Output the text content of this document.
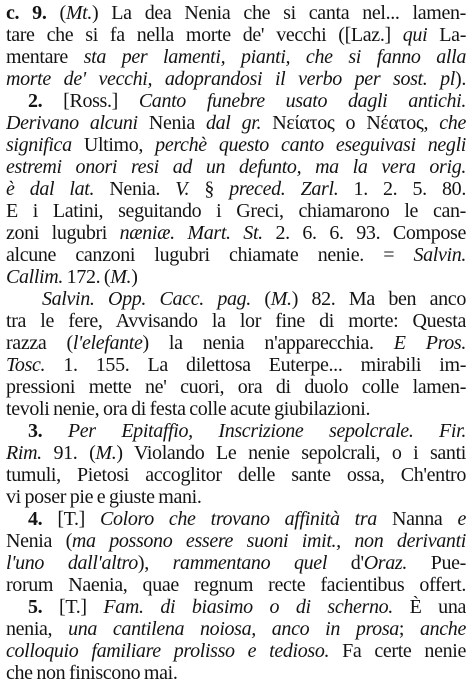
c. 9. (Mt.) La dea Nenia che si canta nel... lamen-
tare che si fa nella morte de' vecchi ([Laz.] qui La-
mentare sta per lamenti, pianti, che si fanno alla
morte de' vecchi, adoprandosi il verbo per sost. pl).
2. [Ross.] Canto funebre usato dagli antichi.
Derivano alcuni Nenia dal gr. Νείατος o Νέατος, che
significa Ultimo, perchè questo canto eseguivasi negli
estremi onori resi ad un defunto, ma la vera orig.
è dal lat. Nenia. V. § preced. Zarl. 1. 2. 5. 80.
E i Latini, seguitando i Greci, chiamarono le can-
zoni lugubri næniæ. Mart. St. 2. 6. 6. 93. Compose
alcune canzoni lugubri chiamate nenie. = Salvin.
Callim. 172. (M.)
Salvin. Opp. Cacc. pag. (M.) 82. Ma ben anco
tra le fere, Avvisando la lor fine di morte: Questa
razza (l'elefante) la nenia n'apparecchia. E Pros.
Tosc. 1. 155. La dilettosa Euterpe... mirabili im-
pressioni mette ne' cuori, ora di duolo colle lamen-
tevoli nenie, ora di festa colle acute giubilazioni.
3. Per Epitaffio, Inscrizione sepolcrale. Fir.
Rim. 91. (M.) Violando Le nenie sepolcrali, o i santi
tumuli, Pietosi accoglitor delle sante ossa, Ch'entro
vi poser pie e giuste mani.
4. [T.] Coloro che trovano affinità tra Nanna e
Nenia (ma possono essere suoni imit., non derivanti
l'uno dall'altro), rammentano quel d'Oraz. Pue-
rorum Naenia, quae regnum recte facientibus offert.
5. [T.] Fam. di biasimo o di scherno. È una
nenia, una cantilena noiosa, anco in prosa; anche
colloquio familiare prolisso e tedioso. Fa certe nenie
che non finiscono mai.
